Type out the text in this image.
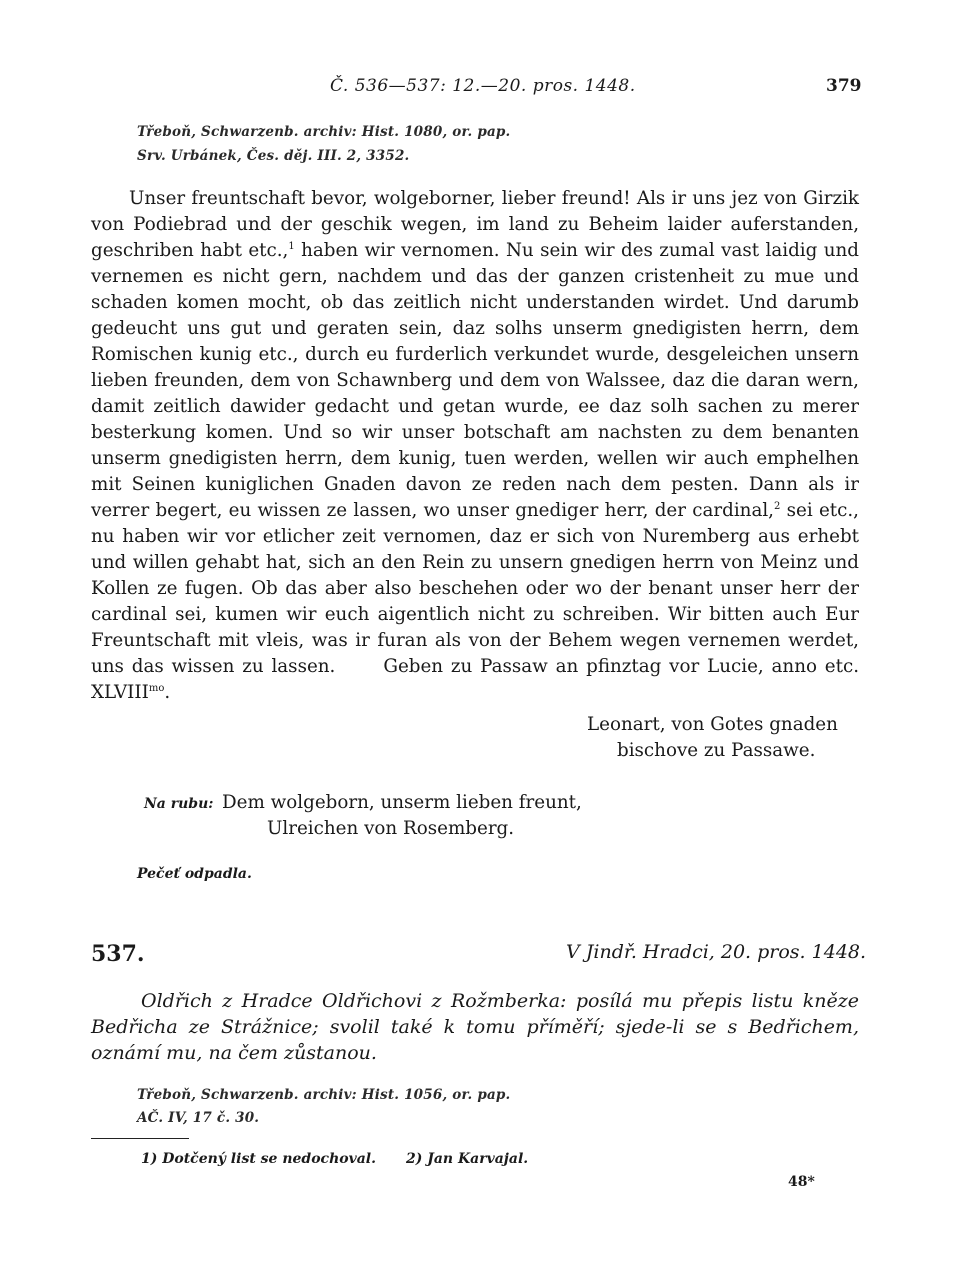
Č. 536—537: 12.—20. pros. 1448.	379
Třeboň, Schwarzenb. archiv: Hist. 1080, or. pap.
Srv. Urbánek, Čes. děj. III. 2, 3352.

Unser freuntschaft bevor, wolgeborner, lieber freund! Als ir uns jez von Girzik von Podiebrad und der geschik wegen, im land zu Beheim laider auferstanden, geschriben habt etc.,$^1$ haben wir vernomen. Nu sein wir des zumal vast laidig und vernemen es nicht gern, nachdem und das der ganzen cristenheit zu mue und schaden komen mocht, ob das zeitlich nicht understanden wirdet. Und darumb gedeucht uns gut und geraten sein, daz solhs unserm gnedigisten herrn, dem Romischen kunig etc., durch eu furderlich verkundet wurde, desgeleichen unsern lieben freunden, dem von Schawnberg und dem von Walssee, daz die daran wern, damit zeitlich dawider gedacht und getan wurde, ee daz solh sachen zu merer besterkung komen. Und so wir unser botschaft am nachsten zu dem benanten unserm gnedigisten herrn, dem kunig, tuen werden, wellen wir auch emphelhen mit Seinen kuniglichen Gnaden davon ze reden nach dem pesten. Dann als ir verrer begert, eu wissen ze lassen, wo unser gnediger herr, der cardinal,$^2$ sei etc., nu haben wir vor etlicher zeit vernomen, daz er sich von Nuremberg aus erhebt und willen gehabt hat, sich an den Rein zu unsern gnedigen herrn von Meinz und Kollen ze fugen. Ob das aber also beschehen oder wo der benant unser herr der cardinal sei, kumen wir euch aigentlich nicht zu schreiben. Wir bitten auch Eur Freuntschaft mit vleis, was ir furan als von der Behem wegen vernemen werdet, uns das wissen zu lassen.	Geben zu Passaw an pfinztag vor Lucie, anno etc. $XLVIII^{mo}$.

Leonart, von Gotes gnaden
bischove zu Passawe.
Na rubu: Dem wolgeborn, unserm lieben freunt,
Ulreichen von Rosemberg.
Pečeť odpadla.
537.	V Jindř. Hradci, 20. pros. 1448.
Oldřich z Hradce Oldřichovi z Rožmberka: posílá mu přepis listu kněze Bedřicha ze Strážnice; svolil také k tomu příměří; sjede-li se s Bedřichem, oznámí mu, na čem zůstanou.
Třeboň, Schwarzenb. archiv: Hist. 1056, or. pap.
AČ. IV, 17 č. 30.
1) Dotčený list se nedochoval. 2) Jan Karvajal.
48*
